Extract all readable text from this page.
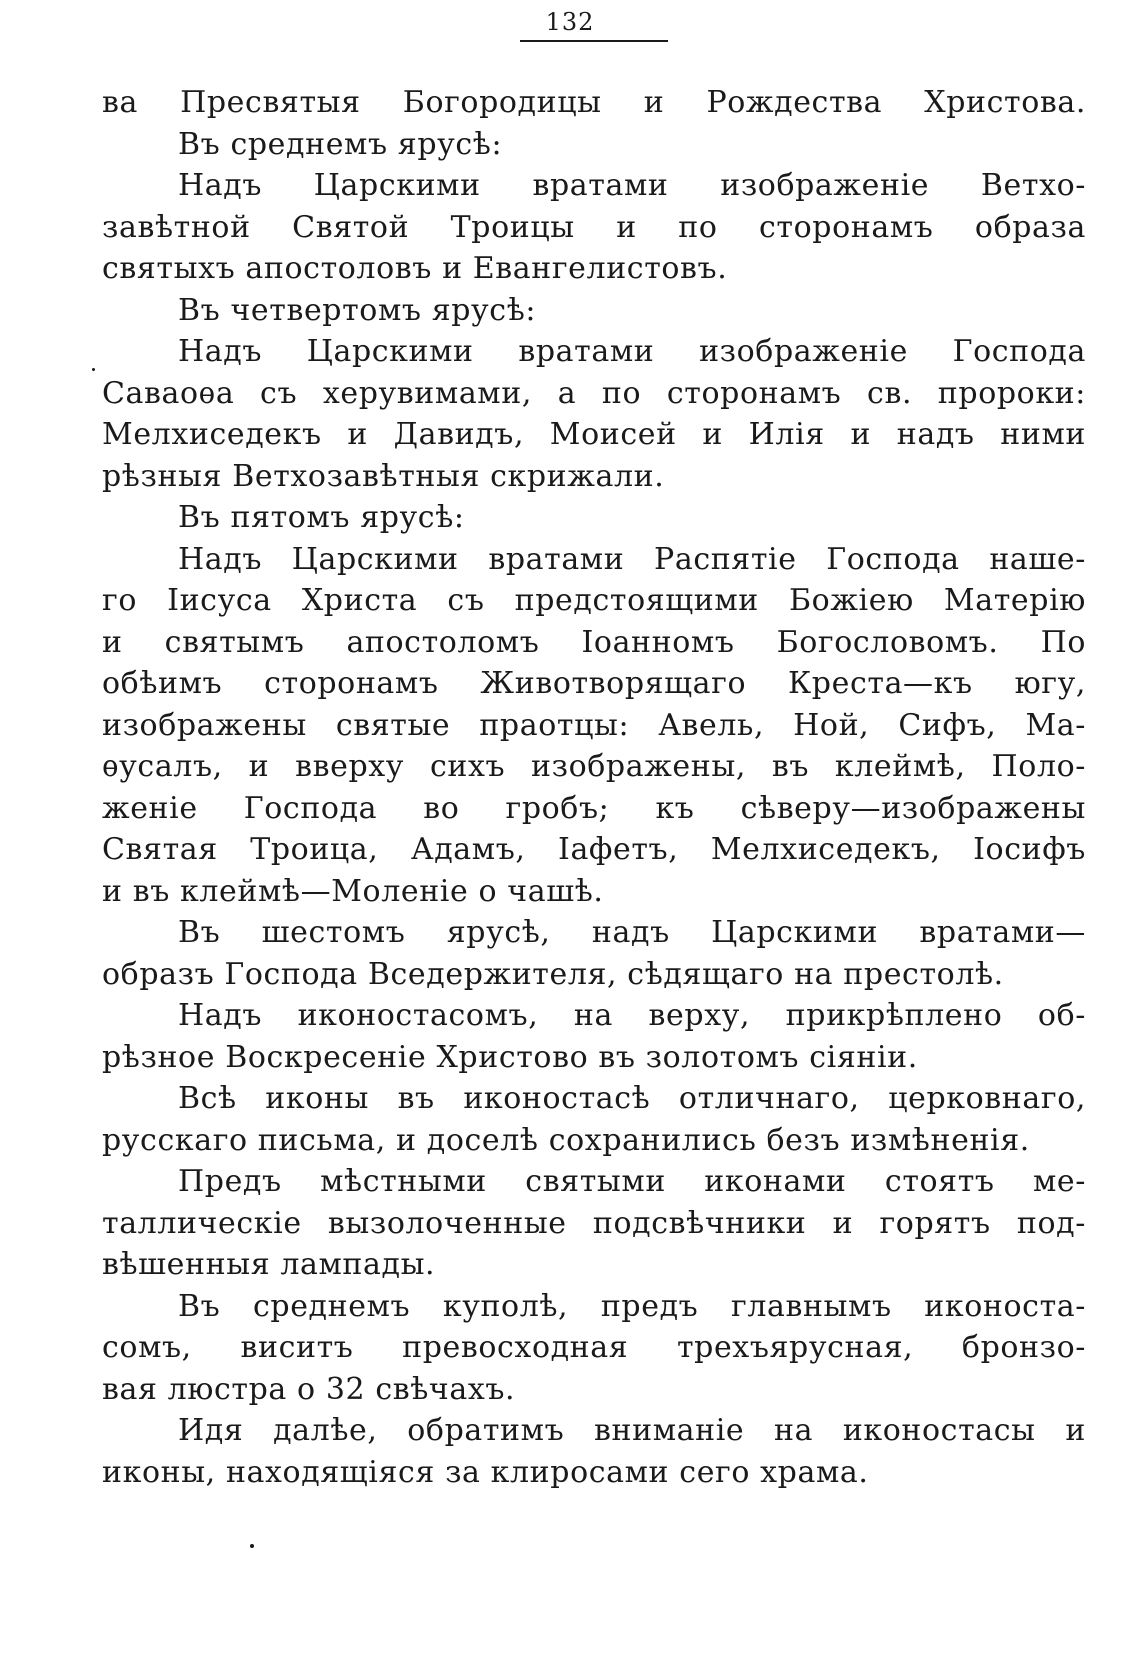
132
ва Пресвятыя Богородицы и Рождества Христова.
Въ среднемъ ярусѣ:
Надъ Царскими вратами изображенiе Ветхо-
завѣтной Святой Троицы и по сторонамъ образа
святыхъ апостоловъ и Евангелистовъ.
Въ четвертомъ ярусѣ:
Надъ Царскими вратами изображенiе Господа
Саваоѳа съ херувимами, а по сторонамъ св. пророки:
Мелхиседекъ и Давидъ, Моисей и Илiя и надъ ними
рѣзныя Ветхозавѣтныя скрижали.
Въ пятомъ ярусѣ:
Надъ Царскими вратами Распятiе Господа наше-
го Iисуса Христа съ предстоящими Божiею Матерiю
и святымъ апостоломъ Iоанномъ Богословомъ. По
обѣимъ сторонамъ Животворящаго Креста—къ югу,
изображены святые праотцы: Авель, Ной, Сифъ, Ма-
ѳусалъ, и вверху сихъ изображены, въ клеймѣ, Поло-
женiе Господа во гробъ; къ сѣверу—изображены
Святая Троица, Адамъ, Iафетъ, Мелхиседекъ, Iосифъ
и въ клеймѣ—Моленiе о чашѣ.
Въ шестомъ ярусѣ, надъ Царскими вратами—
образъ Господа Вседержителя, сѣдящаго на престолѣ.
Надъ иконостасомъ, на верху, прикрѣплено об-
рѣзное Воскресенiе Христово въ золотомъ сiянiи.
Всѣ иконы въ иконостасѣ отличнаго, церковнаго,
русскаго письма, и доселѣ сохранились безъ измѣненiя.
Предъ мѣстными святыми иконами стоятъ ме-
таллическiе вызолоченные подсвѣчники и горятъ под-
вѣшенныя лампады.
Въ среднемъ куполѣ, предъ главнымъ иконоста-
сомъ, виситъ превосходная трехъярусная, бронзо-
вая люстра о 32 свѣчахъ.
Идя далѣе, обратимъ вниманiе на иконостасы и
иконы, находящiяся за клиросами сего храма.
